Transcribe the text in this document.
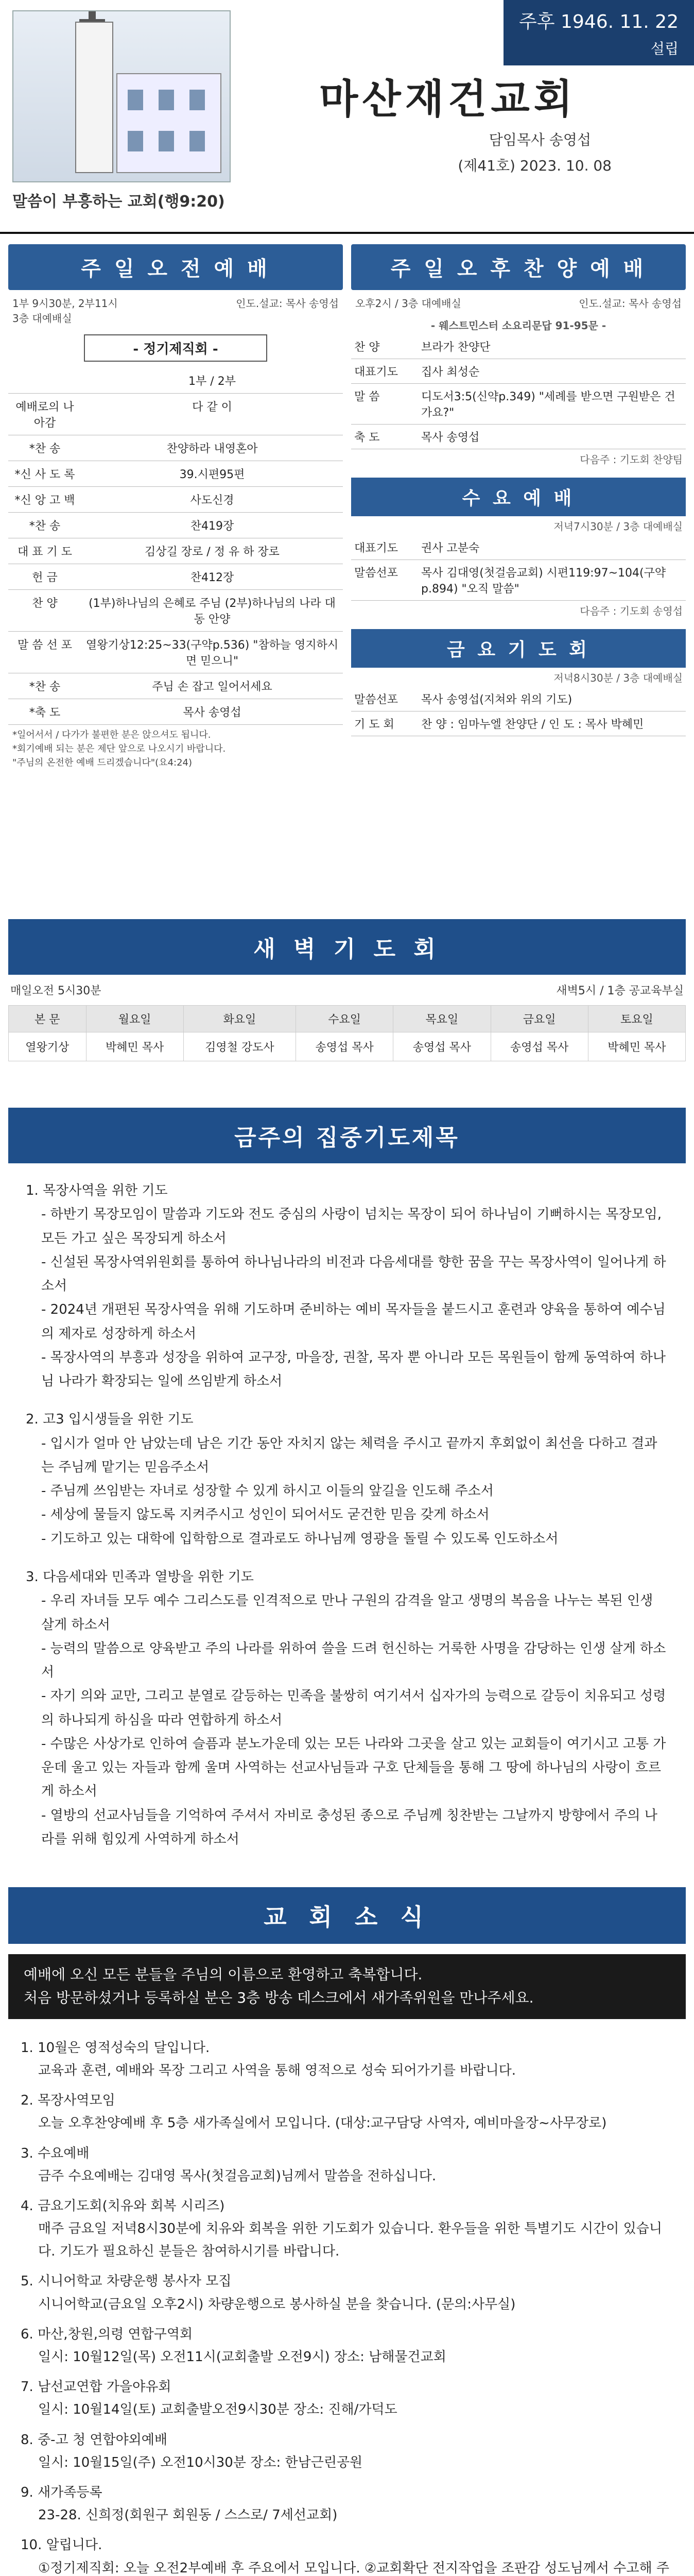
주후 1946. 11. 22
설립
말씀이 부흥하는 교회(행9:20)
마산재건교회
담임목사 송영섭
(제41호) 2023. 10. 08
주 일 오 전 예 배
1부 9시30분, 2부11시
3층 대예배실
인도.설교: 목사 송영섭
- 정기제직회 -
	1부 / 2부
예배로의 나아감	다 같 이
*찬 송	찬양하라 내영혼아
*신 사 도 록	39.시편95편
*신 앙 고 백	사도신경
*찬 송	찬419장
대 표 기 도	김상길 장로 / 정 유 하 장로
헌 금	찬412장
찬 양	(1부)하나님의 은혜로 주님 (2부)하나님의 나라 대동 안양
말 씀 선 포	열왕기상12:25~33(구약p.536) "참하늘 영지하시면 믿으니"
*찬 송	주님 손 잡고 일어서세요
*축 도	목사 송영섭
*일어서서 / 다가가 불편한 분은 앉으셔도 됩니다.
*회기예배 되는 분은 제단 앞으로 나오시기 바랍니다.
"주님의 온전한 예배 드리겠습니다"(요4:24)
주 일 오 후 찬 양 예 배
오후2시 / 3층 대예배실	인도.설교: 목사 송영섭
- 웨스트민스터 소요리문답 91-95문 -
찬 양	브라가 찬양단
대표기도	집사 최성순
말 씀	디도서3:5(신약p.349) "세례를 받으면 구원받은 건가요?"
축 도	목사 송영섭
다음주 : 기도회 찬양팀
수 요 예 배
저녁7시30분 / 3층 대예배실
대표기도	권사 고분숙
말씀선포	목사 김대영(첫걸음교회) 시편119:97~104(구약p.894) "오직 말씀"
다음주 : 기도회 송영섭
금 요 기 도 회
저녁8시30분 / 3층 대예배실
말씀선포	목사 송영섭(지쳐와 위의 기도)
기 도 회	찬 양 : 임마누엘 찬양단 / 인 도 : 목사 박혜민
새 벽 기 도 회
매일오전 5시30분	새벽5시 / 1층 공교육부실
본 문	월요일	화요일	수요일	목요일	금요일	토요일
열왕기상	박혜민 목사	김영철 강도사	송영섭 목사	송영섭 목사	송영섭 목사	박혜민 목사
금주의 집중기도제목
1. 목장사역을 위한 기도
- 하반기 목장모임이 말씀과 기도와 전도 중심의 사랑이 넘치는 목장이 되어 하나님이 기뻐하시는 목장모임, 모든 가고 싶은 목장되게 하소서
- 신설된 목장사역위원회를 통하여 하나님나라의 비전과 다음세대를 향한 꿈을 꾸는 목장사역이 일어나게 하소서
- 2024년 개편된 목장사역을 위해 기도하며 준비하는 예비 목자들을 붙드시고 훈련과 양육을 통하여 예수님의 제자로 성장하게 하소서
- 목장사역의 부흥과 성장을 위하여 교구장, 마을장, 권찰, 목자 뿐 아니라 모든 목원들이 함께 동역하여 하나님 나라가 확장되는 일에 쓰임받게 하소서
2. 고3 입시생들을 위한 기도
- 입시가 얼마 안 남았는데 남은 기간 동안 자치지 않는 체력을 주시고 끝까지 후회없이 최선을 다하고 결과는 주님께 맡기는 믿음주소서
- 주님께 쓰임받는 자녀로 성장할 수 있게 하시고 이들의 앞길을 인도해 주소서
- 세상에 물들지 않도록 지켜주시고 성인이 되어서도 굳건한 믿음 갖게 하소서
- 기도하고 있는 대학에 입학함으로 결과로도 하나님께 영광을 돌릴 수 있도록 인도하소서
3. 다음세대와 민족과 열방을 위한 기도
- 우리 자녀들 모두 예수 그리스도를 인격적으로 만나 구원의 감격을 알고 생명의 복음을 나누는 복된 인생 살게 하소서
- 능력의 말씀으로 양육받고 주의 나라를 위하여 쓸을 드려 헌신하는 거룩한 사명을 감당하는 인생 살게 하소서
- 자기 의와 교만, 그리고 분열로 갈등하는 민족을 불쌍히 여기셔서 십자가의 능력으로 갈등이 치유되고 성령의 하나되게 하심을 따라 연합하게 하소서
- 수많은 사상가로 인하여 슬픔과 분노가운데 있는 모든 나라와 그곳을 살고 있는 교회들이 여기시고 고통 가운데 울고 있는 자들과 함께 울며 사역하는 선교사님들과 구호 단체들을 통해 그 땅에 하나님의 사랑이 흐르게 하소서
- 열방의 선교사님들을 기억하여 주셔서 자비로 충성된 종으로 주님께 칭찬받는 그날까지 방향에서 주의 나라를 위해 힘있게 사역하게 하소서
교 회 소 식
예배에 오신 모든 분들을 주님의 이름으로 환영하고 축복합니다.
처음 방문하셨거나 등록하실 분은 3층 방송 데스크에서 새가족위원을 만나주세요.
1. 10월은 영적성숙의 달입니다.
교육과 훈련, 예배와 목장 그리고 사역을 통해 영적으로 성숙 되어가기를 바랍니다.
2. 목장사역모임
오늘 오후찬양예배 후 5층 새가족실에서 모입니다. (대상:교구담당 사역자, 예비마을장~사무장로)
3. 수요예배
금주 수요예배는 김대영 목사(첫걸음교회)님께서 말씀을 전하십니다.
4. 금요기도회(치유와 회복 시리즈)
매주 금요일 저녁8시30분에 치유와 회복을 위한 기도회가 있습니다. 환우들을 위한 특별기도 시간이 있습니다. 기도가 필요하신 분들은 참여하시기를 바랍니다.
5. 시니어학교 차량운행 봉사자 모집
시니어학교(금요일 오후2시) 차량운행으로 봉사하실 분을 찾습니다. (문의:사무실)
6. 마산,창원,의령 연합구역회
일시: 10월12일(목) 오전11시(교회출발 오전9시) 장소: 남해물건교회
7. 남선교연합 가을야유회
일시: 10월14일(토) 교회출발오전9시30분 장소: 진해/가덕도
8. 중-고 청 연합야외예배
일시: 10월15일(주) 오전10시30분 장소: 한남근린공원
9. 새가족등록
23-28. 신희정(회원구 회원동 / 스스로/ 7세선교회)
10. 알립니다.
①정기제직회: 오늘 오전2부예배 후 주요에서 모입니다. ②교회확단 전지작업을 조판감 성도님께서 수고해 주
